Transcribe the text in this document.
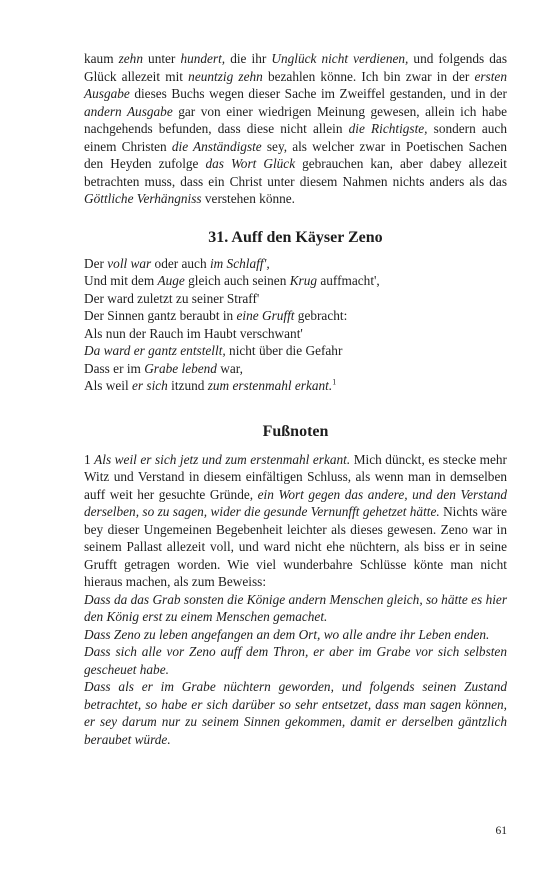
kaum zehn unter hundert, die ihr Unglück nicht verdienen, und folgends das Glück allezeit mit neuntzig zehn bezahlen könne. Ich bin zwar in der ersten Ausgabe dieses Buchs wegen dieser Sache im Zweiffel gestanden, und in der andern Ausgabe gar von einer wiedrigen Meinung gewesen, allein ich habe nachgehends befunden, dass diese nicht allein die Richtigste, sondern auch einem Christen die Anständigste sey, als welcher zwar in Poetischen Sachen den Heyden zufolge das Wort Glück gebrauchen kan, aber dabey allezeit betrachten muss, dass ein Christ unter diesem Nahmen nichts anders als das Göttliche Verhängniss verstehen könne.

31. Auff den Käyser Zeno
Der voll war oder auch im Schlaff',
Und mit dem Auge gleich auch seinen Krug auffmacht',
Der ward zuletzt zu seiner Straff'
Der Sinnen gantz beraubt in eine Grufft gebracht:
Als nun der Rauch im Haubt verschwant'
Da ward er gantz entstellt, nicht über die Gefahr
Dass er im Grabe lebend war,
Als weil er sich itzund zum erstenmahl erkant.$^1$
Fußnoten

1 Als weil er sich jetz und zum erstenmahl erkant. Mich dünckt, es stecke mehr Witz und Verstand in diesem einfältigen Schluss, als wenn man in demselben auff weit her gesuchte Gründe, ein Wort gegen das andere, und den Verstand derselben, so zu sagen, wider die gesunde Vernunfft gehetzet hätte. Nichts wäre bey dieser Ungemeinen Begebenheit leichter als dieses gewesen. Zeno war in seinem Pallast allezeit voll, und ward nicht ehe nüchtern, als biss er in seine Grufft getragen worden. Wie viel wunderbahre Schlüsse könte man nicht hieraus machen, als zum Beweiss:
Dass da das Grab sonsten die Könige andern Menschen gleich, so hätte es hier den König erst zu einem Menschen gemachet.
Dass Zeno zu leben angefangen an dem Ort, wo alle andre ihr Leben enden.
Dass sich alle vor Zeno auff dem Thron, er aber im Grabe vor sich selbsten gescheuet habe.
Dass als er im Grabe nüchtern geworden, und folgends seinen Zustand betrachtet, so habe er sich darüber so sehr entsetzet, dass man sagen können, er sey darum nur zu seinem Sinnen gekommen, damit er derselben gäntzlich beraubet würde.

61
